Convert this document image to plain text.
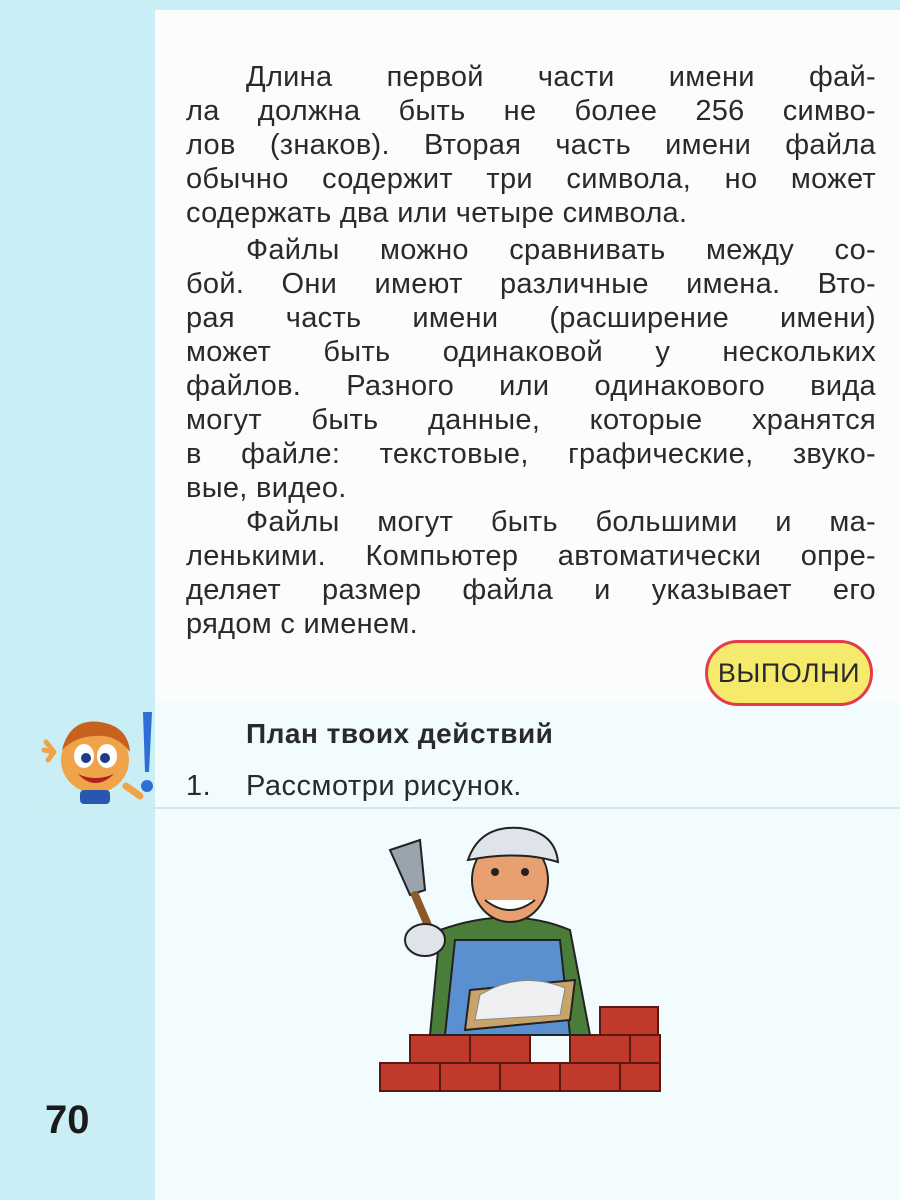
Длина первой части имени фай-
ла должна быть не более 256 симво-
лов (знаков). Вторая часть имени файла
обычно содержит три символа, но может
содержать два или четыре символа.
Файлы можно сравнивать между со-
бой. Они имеют различные имена. Вто-
рая часть имени (расширение имени)
может быть одинаковой у нескольких
файлов. Разного или одинакового вида
могут быть данные, которые хранятся
в файле: текстовые, графические, звуко-
вые, видео.
Файлы могут быть большими и ма-
ленькими. Компьютер автоматически опре-
деляет размер файла и указывает его
рядом с именем.
ВЫПОЛНИ
План твоих действий
1. Рассмотри рисунок.
70
